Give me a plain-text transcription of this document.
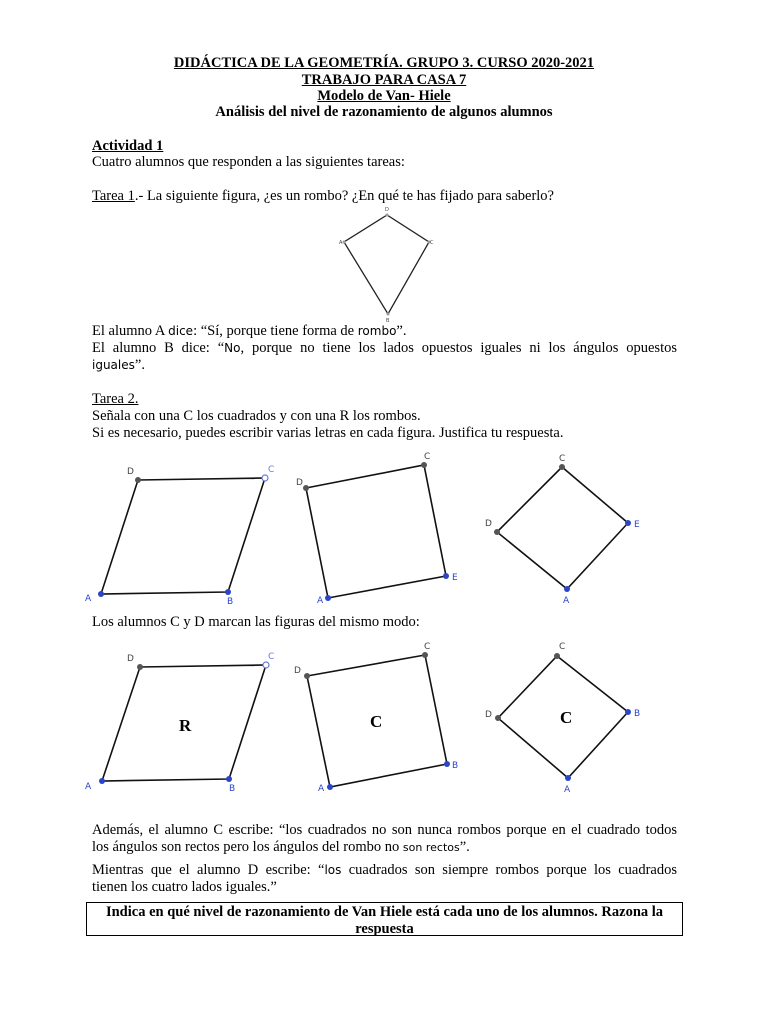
DIDÁCTICA DE LA GEOMETRÍA. GRUPO 3. CURSO 2020-2021
TRABAJO PARA CASA 7
Modelo de Van- Hiele
Análisis del nivel de razonamiento de algunos alumnos
Actividad 1
Cuatro alumnos que responden a las siguientes tareas:
Tarea 1.- La siguiente figura, ¿es un rombo? ¿En qué te has fijado para saberlo?
D
A	C
B
El alumno A dice: “Sí, porque tiene forma de rombo”.
El alumno B dice: “No, porque no tiene los lados opuestos iguales ni los ángulos opuestos
iguales”.
Tarea 2.
Señala con una C los cuadrados y con una R los rombos.
Si es necesario, puedes escribir varias letras en cada figura. Justifica tu respuesta.
D	C
B
A
D
C
E
A
C
E
A
D
Los alumnos C y D marcan las figuras del mismo modo:
D	C
B
A
R
D
C
B
A
C
C
B
A
D	C
Además, el alumno C escribe: “los cuadrados no son nunca rombos porque en el cuadrado todos
los ángulos son rectos pero los ángulos del rombo no son rectos”.
Mientras que el alumno D escribe: “los cuadrados son siempre rombos porque los cuadrados
tienen los cuatro lados iguales.”
Indica en qué nivel de razonamiento de Van Hiele está cada uno de los alumnos. Razona la respuesta
